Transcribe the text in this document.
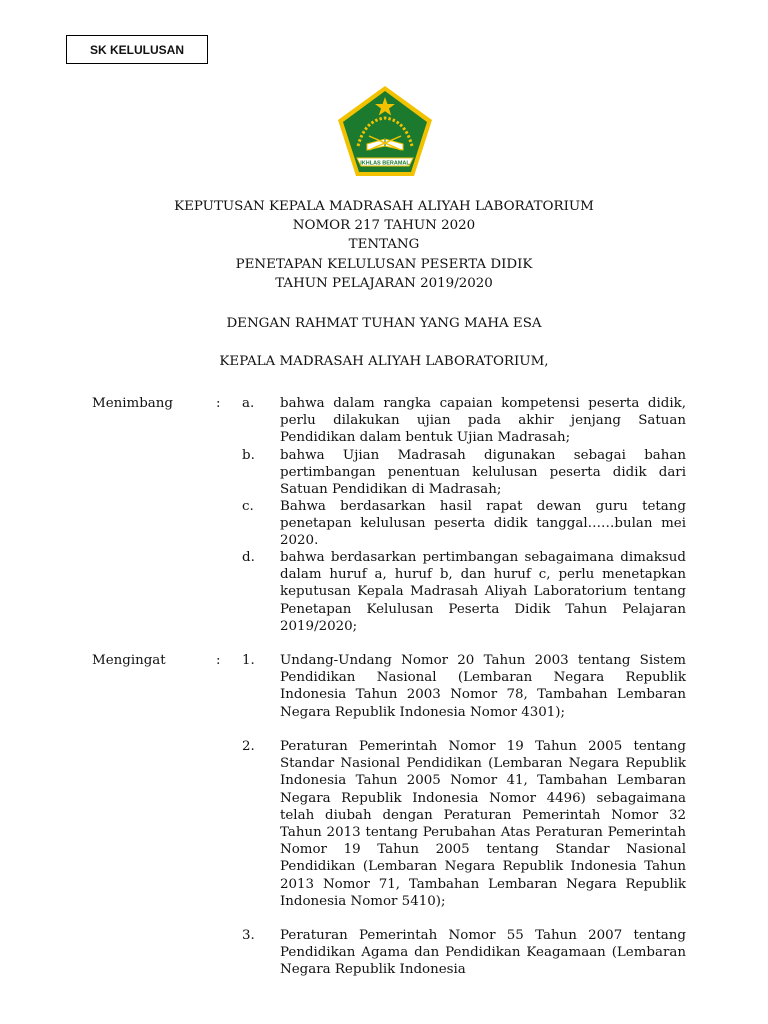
SK KELULUSAN
IKHLAS BERAMAL
KEPUTUSAN KEPALA MADRASAH ALIYAH LABORATORIUM
NOMOR 217 TAHUN 2020
TENTANG
PENETAPAN KELULUSAN PESERTA DIDIK
TAHUN PELAJARAN 2019/2020
DENGAN RAHMAT TUHAN YANG MAHA ESA
KEPALA MADRASAH ALIYAH LABORATORIUM,
Menimbang	: a. bahwa dalam rangka capaian kompetensi peserta didik, perlu dilakukan ujian pada akhir jenjang Satuan Pendidikan dalam bentuk Ujian Madrasah;

b. bahwa Ujian Madrasah digunakan sebagai bahan pertimbangan penentuan kelulusan peserta didik dari Satuan Pendidikan di Madrasah;

c. Bahwa berdasarkan hasil rapat dewan guru tetang penetapan kelulusan peserta didik tanggal……bulan mei 2020.

d. bahwa berdasarkan pertimbangan sebagaimana dimaksud dalam huruf a, huruf b, dan huruf c, perlu menetapkan keputusan Kepala Madrasah Aliyah Laboratorium tentang Penetapan Kelulusan Peserta Didik Tahun Pelajaran 2019/2020;

Mengingat	: 1. Undang-Undang Nomor 20 Tahun 2003 tentang Sistem Pendidikan Nasional (Lembaran Negara Republik Indonesia Tahun 2003 Nomor 78, Tambahan Lembaran Negara Republik Indonesia Nomor 4301);

2. Peraturan Pemerintah Nomor 19 Tahun 2005 tentang Standar Nasional Pendidikan (Lembaran Negara Republik Indonesia Tahun 2005 Nomor 41, Tambahan Lembaran Negara Republik Indonesia Nomor 4496) sebagaimana telah diubah dengan Peraturan Pemerintah Nomor 32 Tahun 2013 tentang Perubahan Atas Peraturan Pemerintah Nomor 19 Tahun 2005 tentang Standar Nasional Pendidikan (Lembaran Negara Republik Indonesia Tahun 2013 Nomor 71, Tambahan Lembaran Negara Republik Indonesia Nomor 5410);

3. Peraturan Pemerintah Nomor 55 Tahun 2007 tentang Pendidikan Agama dan Pendidikan Keagamaan (Lembaran Negara Republik Indonesia
